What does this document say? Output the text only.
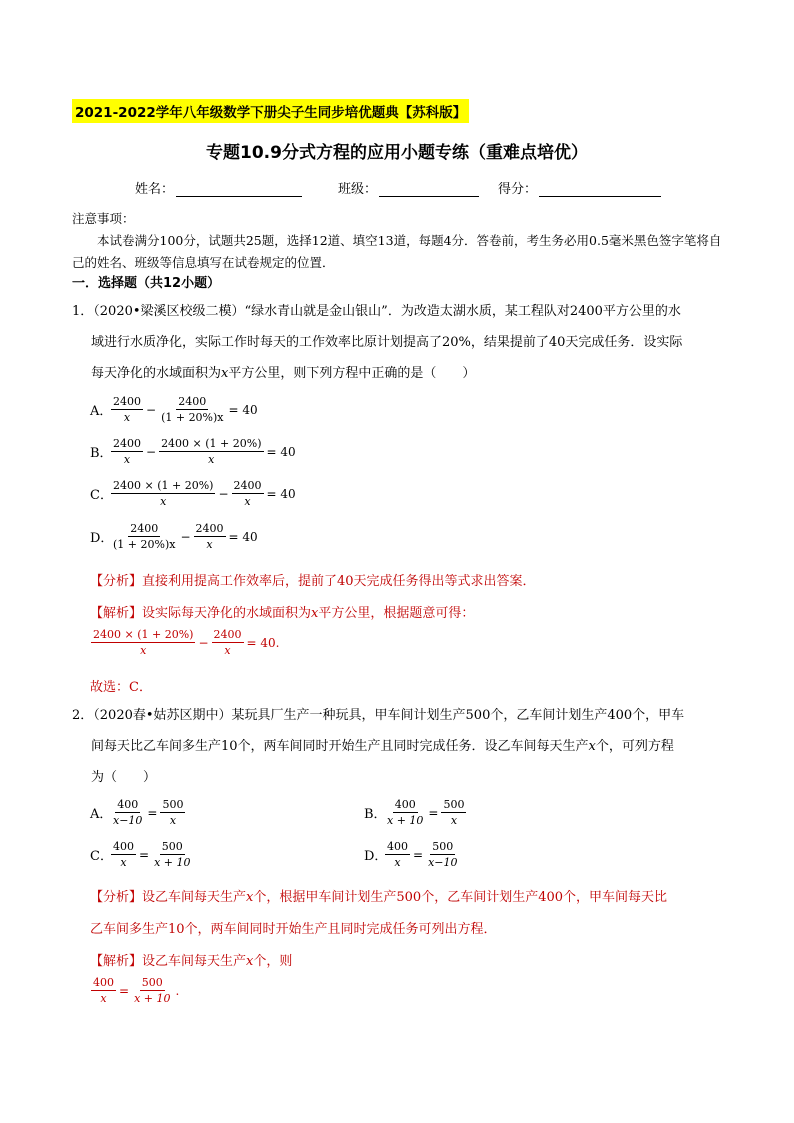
2021-2022学年八年级数学下册尖子生同步培优题典【苏科版】
专题10.9分式方程的应用小题专练（重难点培优）
姓名：	班级：	得分：
注意事项：
本试卷满分100分，试题共25题，选择12道、填空13道，每题4分．答卷前，考生务必用0.5毫米黑色签字笔将自己的姓名、班级等信息填写在试卷规定的位置．
一．选择题（共12小题）
1．（2020•梁溪区校级二模）“绿水青山就是金山银山”．为改造太湖水质，某工程队对2400平方公里的水
域进行水质净化，实际工作时每天的工作效率比原计划提高了20%，结果提前了40天完成任务．设实际
每天净化的水域面积为x平方公里，则下列方程中正确的是（　　）
A．
$\frac{2400}{x} - \frac{2400}{(1 + 20\%)x} = 40$
B．
$\frac{2400}{x} - \frac{2400 \times (1 + 20\%)}{x} = 40$
C．
$\frac{2400 \times (1 + 20\%)}{x} - \frac{2400}{x} = 40$
D．
$\frac{2400}{(1 + 20\%)x} - \frac{2400}{x} = 40$
【分析】直接利用提高工作效率后，提前了40天完成任务得出等式求出答案．
【解析】设实际每天净化的水域面积为x平方公里，根据题意可得：
$\frac{2400 \times (1 + 20\%)}{x} - \frac{2400}{x} = 40$.
故选：C．
2．（2020春•姑苏区期中）某玩具厂生产一种玩具，甲车间计划生产500个，乙车间计划生产400个，甲车
间每天比乙车间多生产10个，两车间同时开始生产且同时完成任务．设乙车间每天生产x个，可列方程
为（　　）
A．
$\frac{400}{x-10} = \frac{500}{x}$	B．
$\frac{400}{x + 10} = \frac{500}{x}$
C．
$\frac{400}{x} = \frac{500}{x + 10}$	D．
$\frac{400}{x} = \frac{500}{x-10}$
【分析】设乙车间每天生产x个，根据甲车间计划生产500个，乙车间计划生产400个，甲车间每天比
乙车间多生产10个，两车间同时开始生产且同时完成任务可列出方程．
【解析】设乙车间每天生产x个，则
$\frac{400}{x} = \frac{500}{x + 10}$ .
